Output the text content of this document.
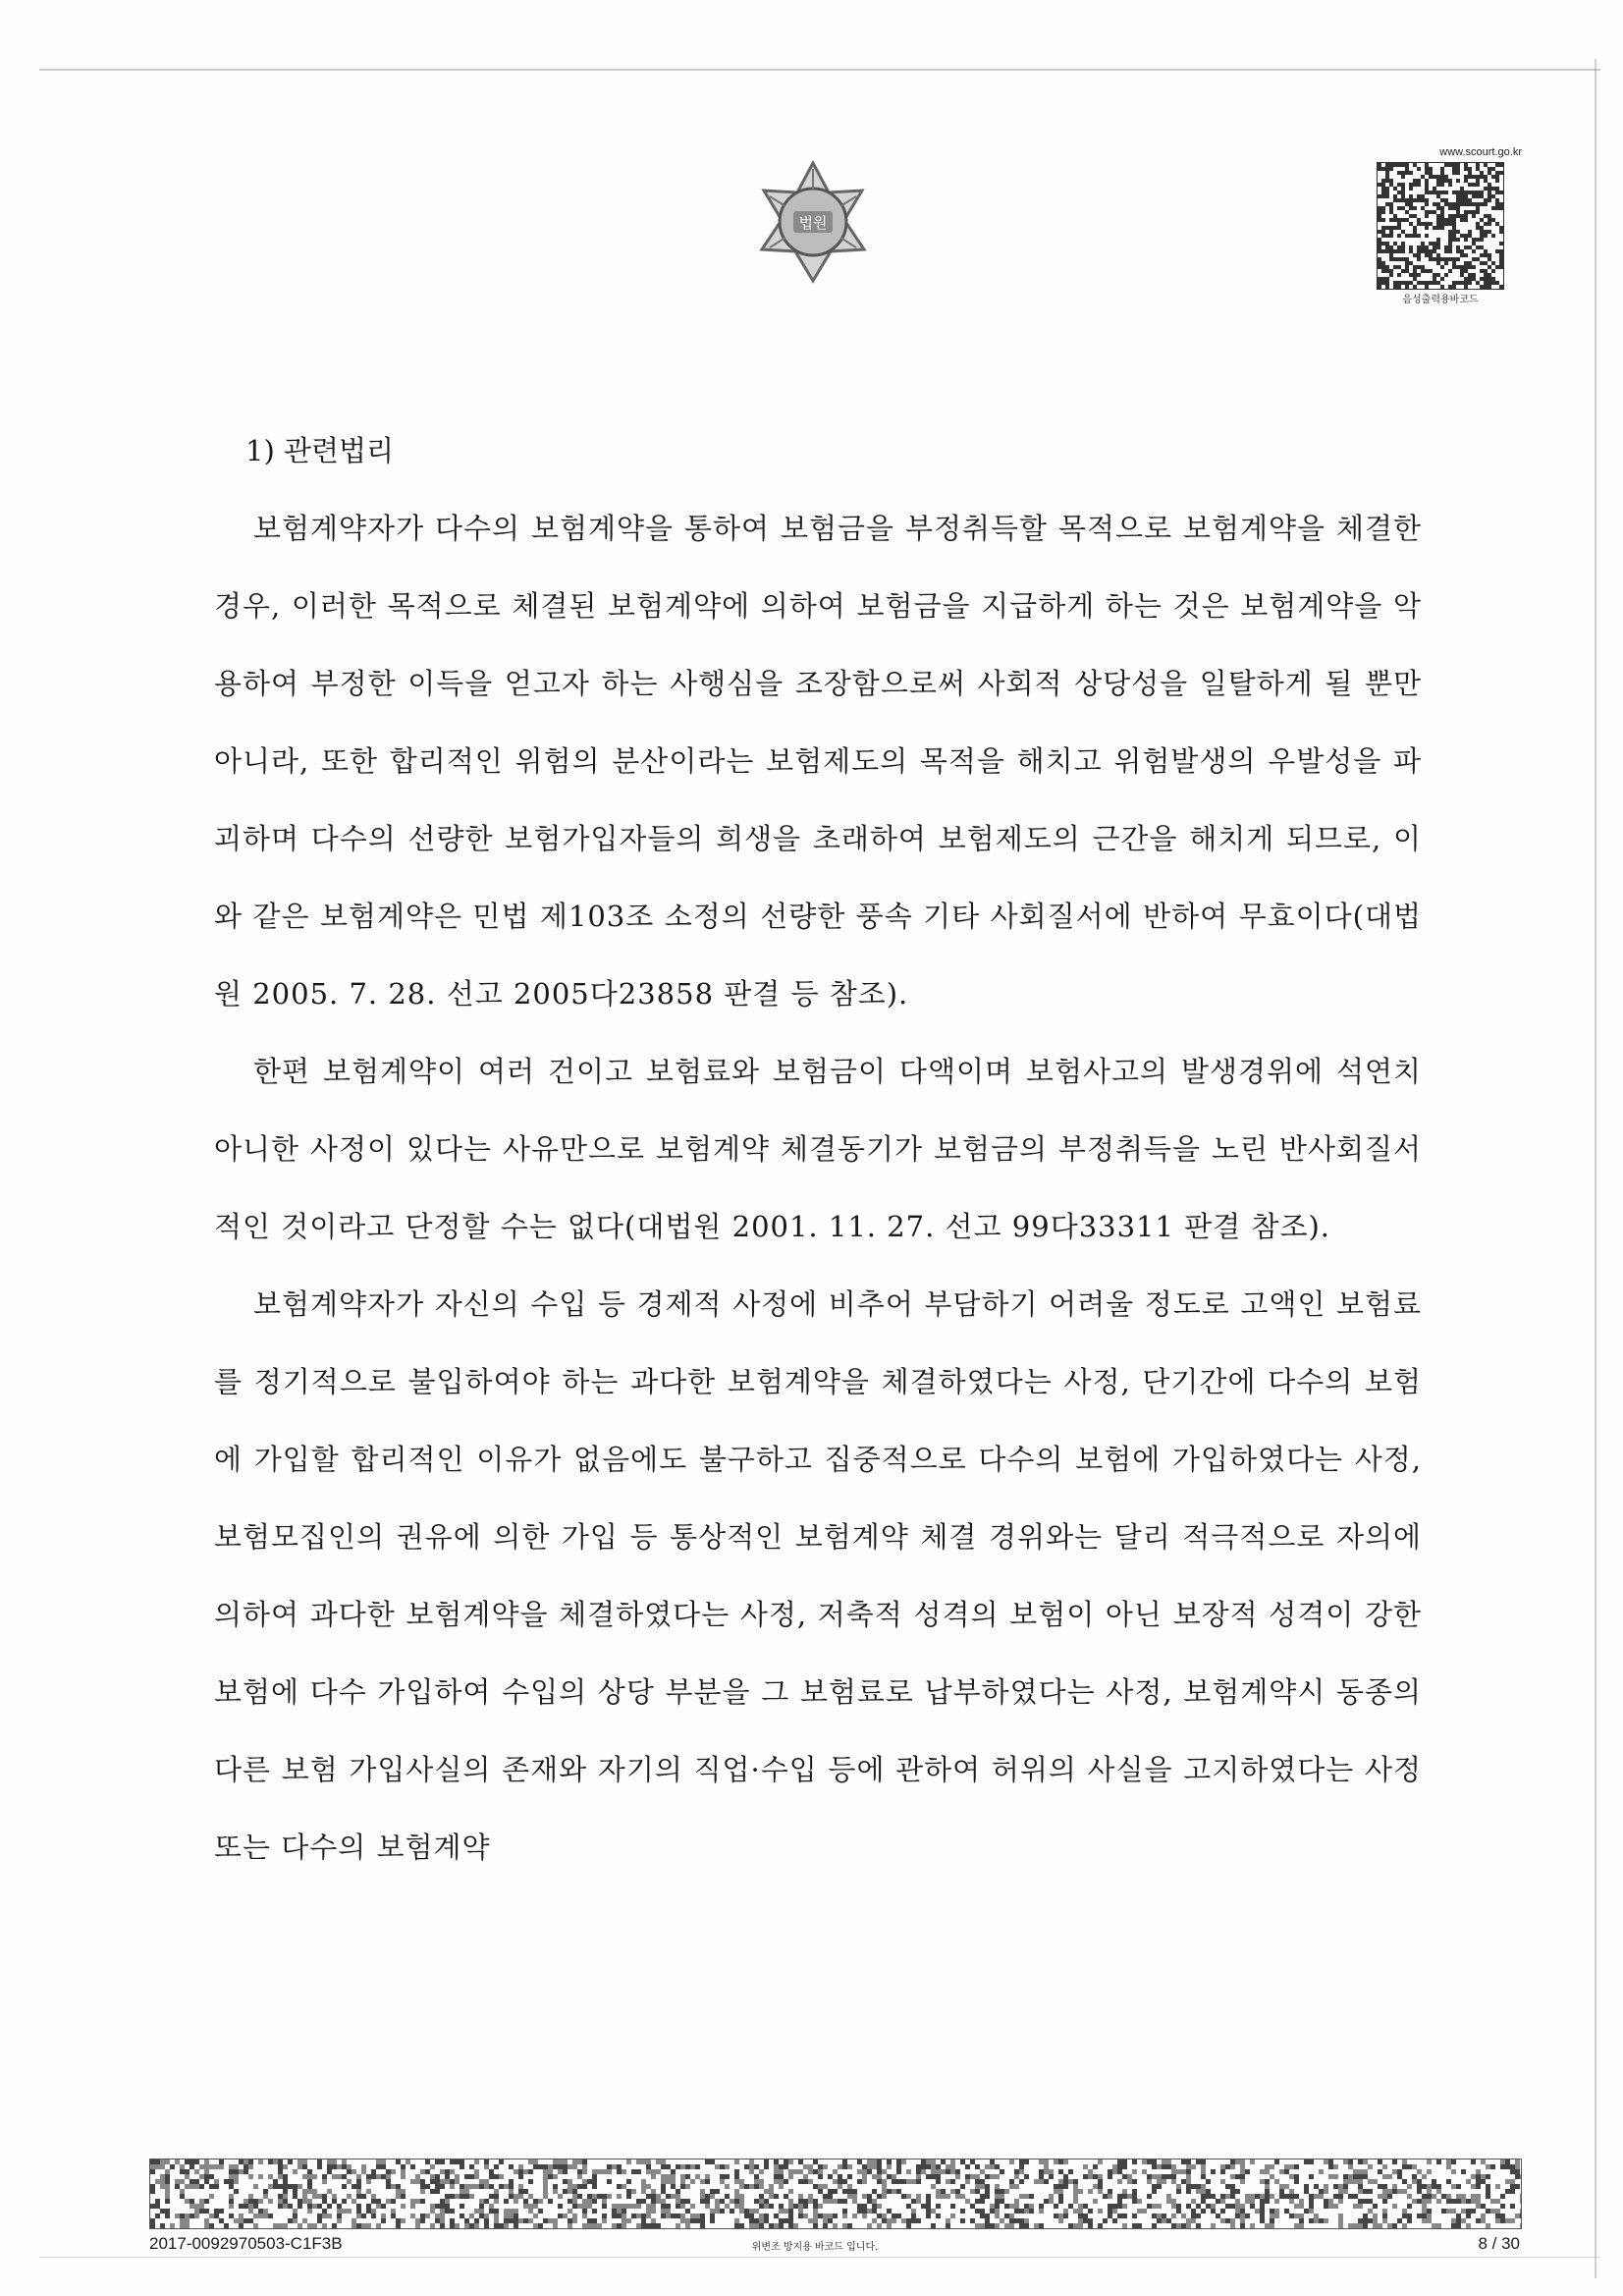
법원
www.scourt.go.kr
음성출력용바코드
1) 관련법리

보험계약자가 다수의 보험계약을 통하여 보험금을 부정취득할 목적으로 보험계약을 체결한 경우, 이러한 목적으로 체결된 보험계약에 의하여 보험금을 지급하게 하는 것은 보험계약을 악용하여 부정한 이득을 얻고자 하는 사행심을 조장함으로써 사회적 상당성을 일탈하게 될 뿐만 아니라, 또한 합리적인 위험의 분산이라는 보험제도의 목적을 해치고 위험발생의 우발성을 파괴하며 다수의 선량한 보험가입자들의 희생을 초래하여 보험제도의 근간을 해치게 되므로, 이와 같은 보험계약은 민법 제103조 소정의 선량한 풍속 기타 사회질서에 반하여 무효이다(대법원 2005. 7. 28. 선고 2005다23858 판결 등 참조).

한편 보험계약이 여러 건이고 보험료와 보험금이 다액이며 보험사고의 발생경위에 석연치 아니한 사정이 있다는 사유만으로 보험계약 체결동기가 보험금의 부정취득을 노린 반사회질서적인 것이라고 단정할 수는 없다(대법원 2001. 11. 27. 선고 99다33311 판결 참조).

보험계약자가 자신의 수입 등 경제적 사정에 비추어 부담하기 어려울 정도로 고액인 보험료를 정기적으로 불입하여야 하는 과다한 보험계약을 체결하였다는 사정, 단기간에 다수의 보험에 가입할 합리적인 이유가 없음에도 불구하고 집중적으로 다수의 보험에 가입하였다는 사정, 보험모집인의 권유에 의한 가입 등 통상적인 보험계약 체결 경위와는 달리 적극적으로 자의에 의하여 과다한 보험계약을 체결하였다는 사정, 저축적 성격의 보험이 아닌 보장적 성격이 강한 보험에 다수 가입하여 수입의 상당 부분을 그 보험료로 납부하였다는 사정, 보험계약시 동종의 다른 보험 가입사실의 존재와 자기의 직업·수입 등에 관하여 허위의 사실을 고지하였다는 사정 또는 다수의 보험계약

2017-0092970503-C1F3B	위변조 방지용 바코드 입니다.	8 / 30
